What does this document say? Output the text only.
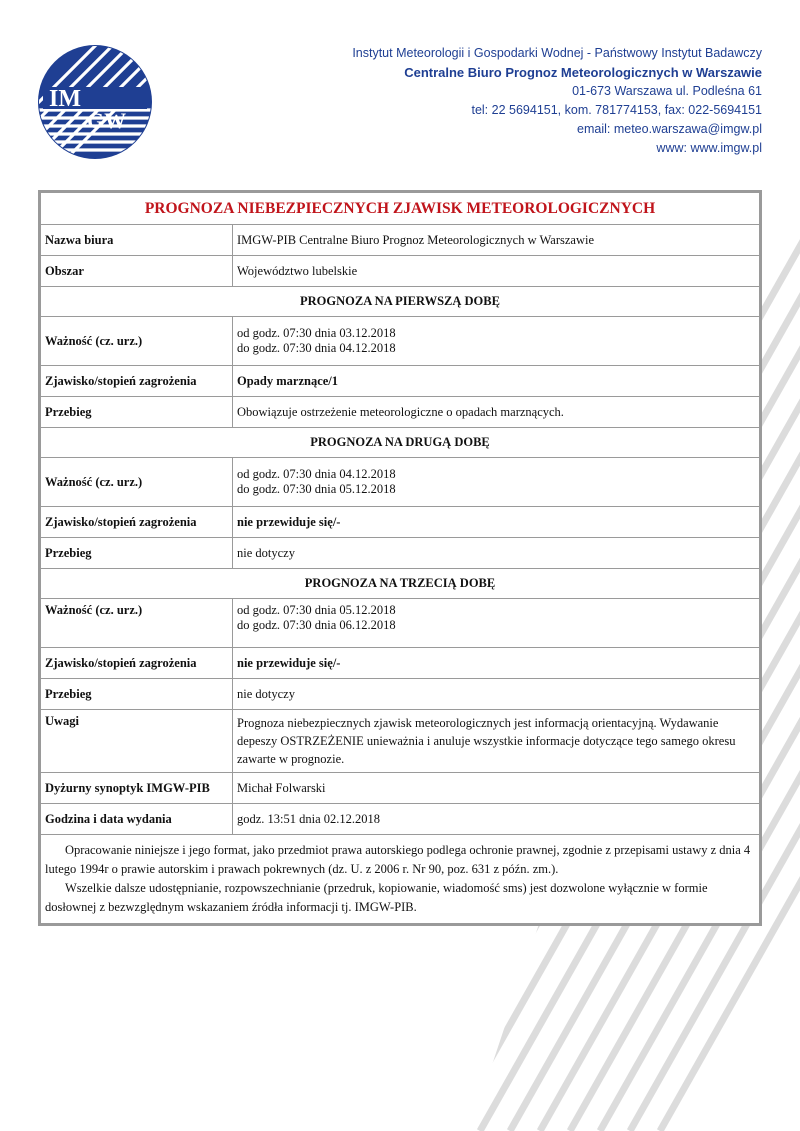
IM
GW
Instytut Meteorologii i Gospodarki Wodnej - Państwowy Instytut Badawczy
Centralne Biuro Prognoz Meteorologicznych w Warszawie
01-673 Warszawa ul. Podleśna 61
tel: 22 5694151, kom. 781774153, fax: 022-5694151
email: meteo.warszawa@imgw.pl
www: www.imgw.pl
PROGNOZA NIEBEZPIECZNYCH ZJAWISK METEOROLOGICZNYCH	
Nazwa biura	IMGW-PIB Centralne Biuro Prognoz Meteorologicznych w Warszawie
Obszar	Województwo lubelskie
PROGNOZA NA PIERWSZĄ DOBĘ	
Ważność (cz. urz.)	od godz. 07:30 dnia 03.12.2018
do godz. 07:30 dnia 04.12.2018

Zjawisko/stopień zagrożenia	Opady marznące/1
Przebieg	Obowiązuje ostrzeżenie meteorologiczne o opadach marznących.
PROGNOZA NA DRUGĄ DOBĘ	
Ważność (cz. urz.)	od godz. 07:30 dnia 04.12.2018
do godz. 07:30 dnia 05.12.2018

Zjawisko/stopień zagrożenia	nie przewiduje się/-
Przebieg	nie dotyczy
PROGNOZA NA TRZECIĄ DOBĘ	
Ważność (cz. urz.)	od godz. 07:30 dnia 05.12.2018
do godz. 07:30 dnia 06.12.2018

Zjawisko/stopień zagrożenia	nie przewiduje się/-
Przebieg	nie dotyczy
Uwagi	Prognoza niebezpiecznych zjawisk meteorologicznych jest informacją orientacyjną. Wydawanie depeszy OSTRZEŻENIE unieważnia i anuluje wszystkie informacje dotyczące tego samego okresu zawarte w prognozie.
Dyżurny synoptyk IMGW-PIB	Michał Folwarski
Godzina i data wydania	godz. 13:51 dnia 02.12.2018

Opracowanie niniejsze i jego format, jako przedmiot prawa autorskiego podlega ochronie prawnej, zgodnie z przepisami ustawy z dnia 4 lutego 1994r o prawie autorskim i prawach pokrewnych (dz. U. z 2006 r. Nr 90, poz. 631 z późn. zm.).

Wszelkie dalsze udostępnianie, rozpowszechnianie (przedruk, kopiowanie, wiadomość sms) jest dozwolone wyłącznie w formie dosłownej z bezwzględnym wskazaniem źródła informacji tj. IMGW-PIB.	
